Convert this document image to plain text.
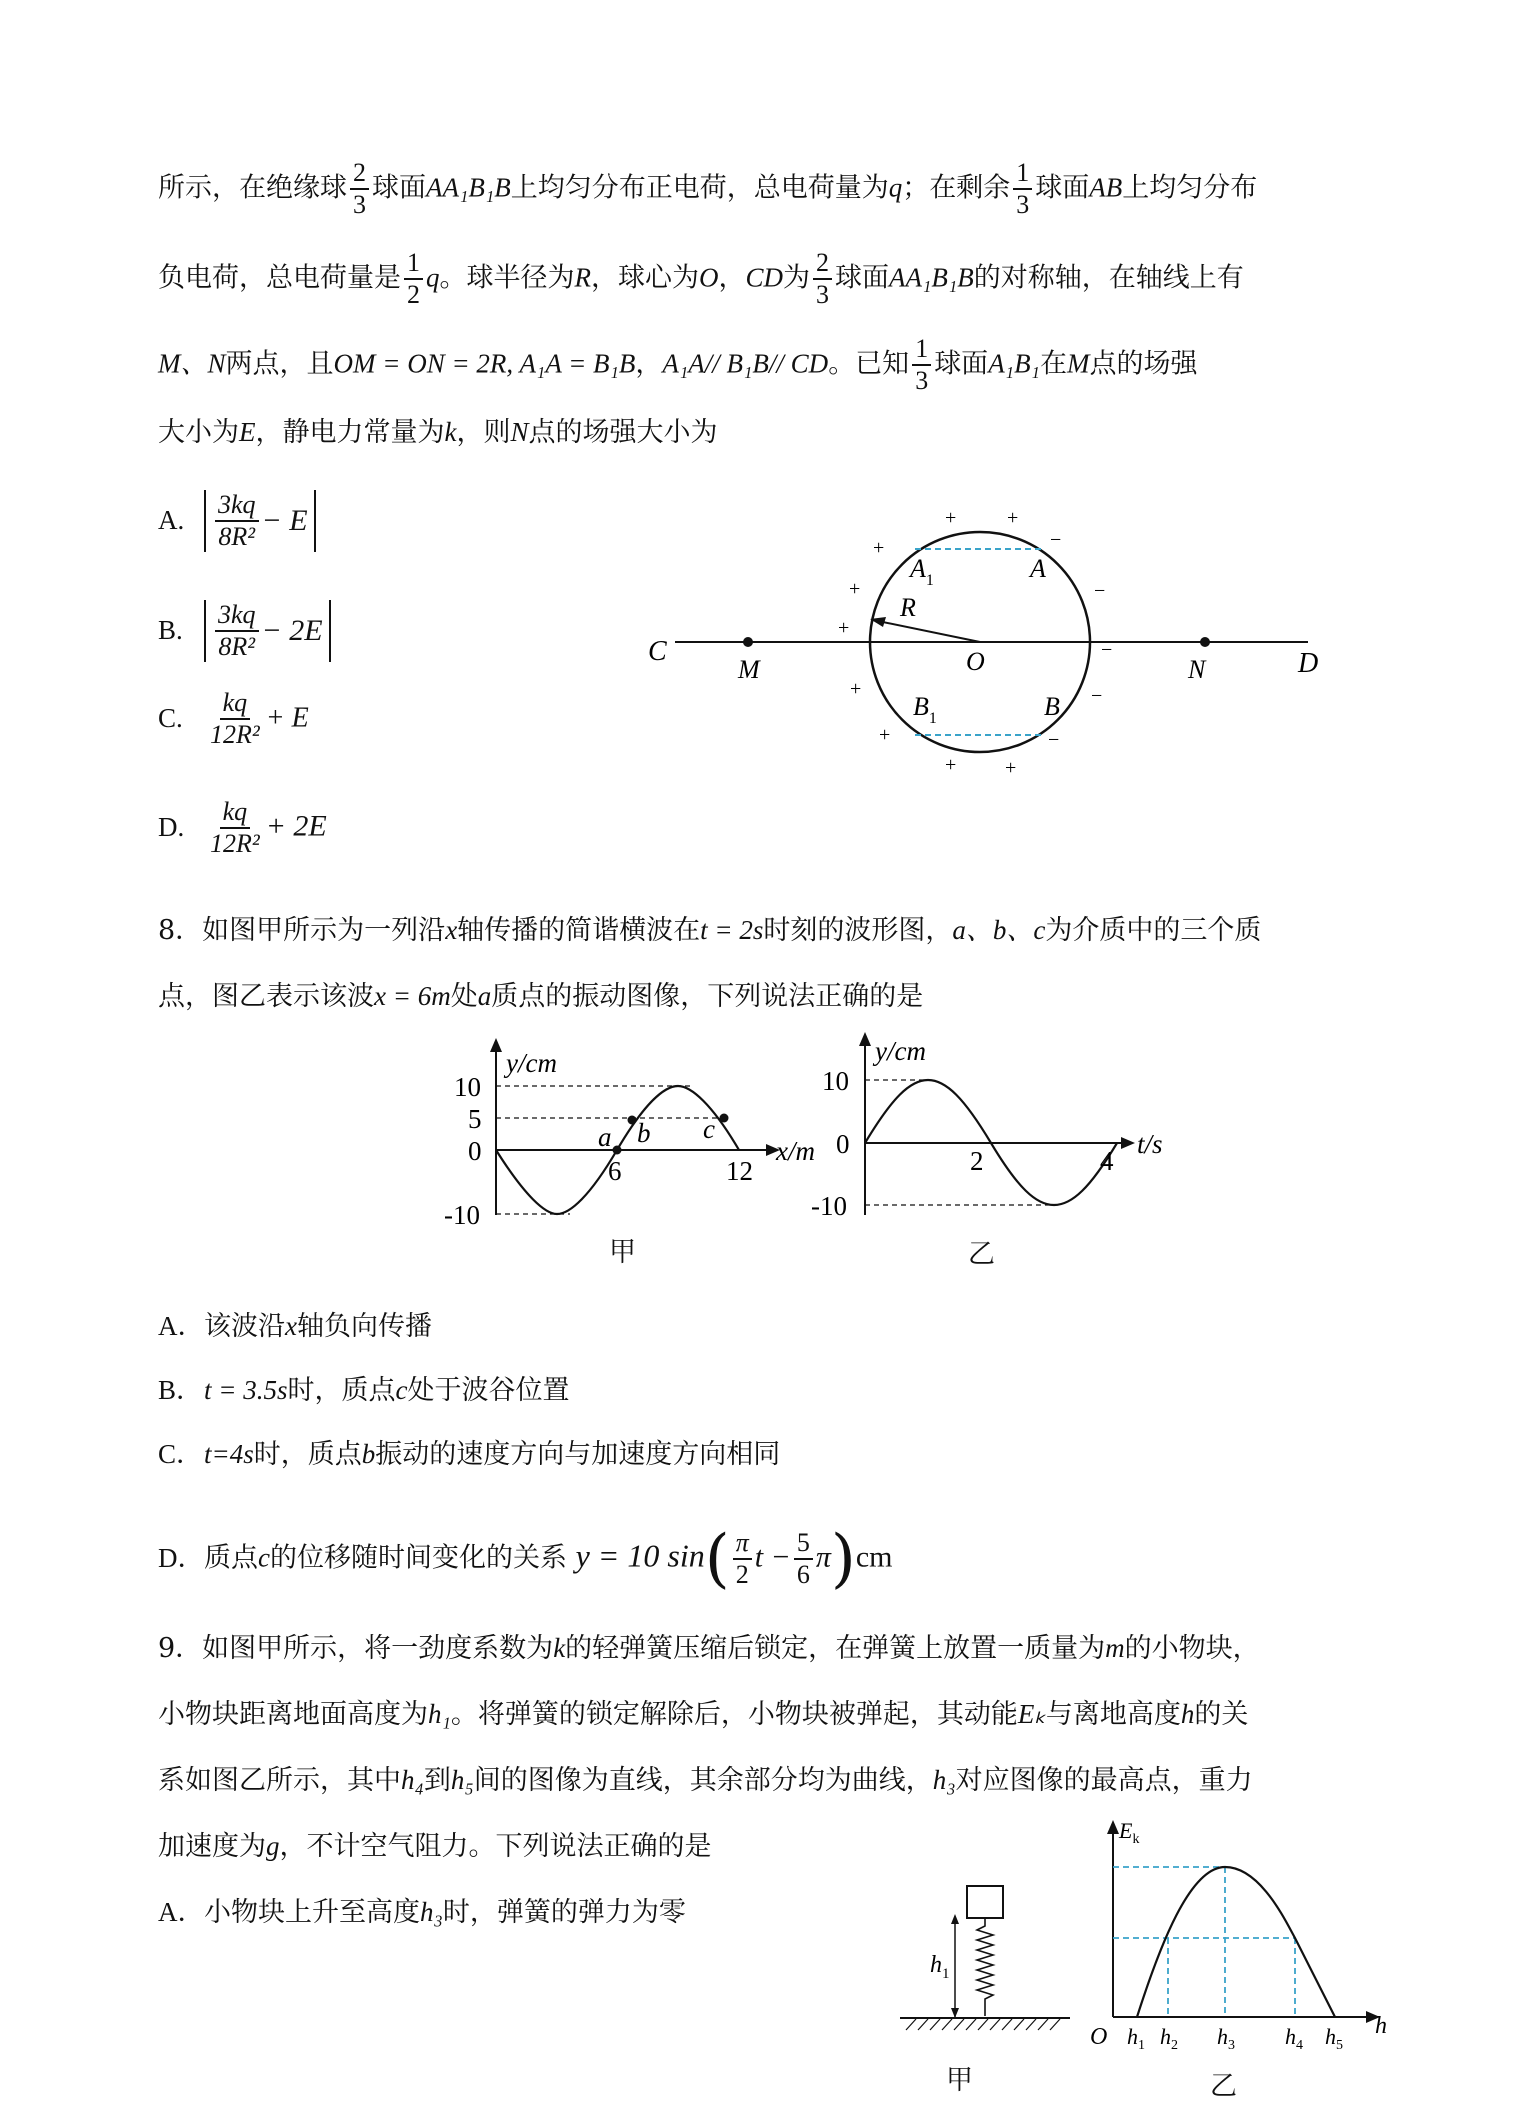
所示，在绝缘球 $\frac{2}{3}$ 球面AA₁B₁B上均匀分布正电荷，总电荷量为q；在剩余 $\frac{1}{3}$ 球面AB上均匀分布
负电荷，总电荷量是 $\frac{1}{2}$ q。球半径为R，球心为O，CD为 $\frac{2}{3}$ 球面AA₁B₁B的对称轴，在轴线上有
M、N两点，且OM = ON = 2R, A₁A = B₁B，A₁A// B₁B// CD。已知 $\frac{1}{3}$ 球面A₁B₁在M点的场强
大小为E，静电力常量为k，则N点的场强大小为
A. $\frac{3kq}{\text{8R²}} - E$
B. $\frac{3kq}{\text{8R²}} - 2E$
C. $\frac{kq}{\text{12R²}} + E$
D. $\frac{kq}{\text{12R²}} + 2E$
C	D
M	N
O
R
$A_1$	A
$B_1$	B
+	+
+
+
+
+
+
+ +
−
−
−
−
−
8．如图甲所示为一列沿x轴传播的简谐横波在t = 2s时刻的波形图，a、b、c为介质中的三个质
点，图乙表示该波x = 6m处a质点的振动图像，下列说法正确的是
y/cm
x/m
10
5
0
-10
6	12
a b c
甲
y/cm
t/s
10
0
-10
2	4
乙
A．该波沿x轴负向传播
B．t = 3.5s时，质点c处于波谷位置
C．t=4s时，质点b振动的速度方向与加速度方向相同
D．质点c的位移随时间变化的关系 y = 10 $\sin( \frac{\pi}{2}$ $t - \frac{5}{6} \pi)cm$
9．如图甲所示，将一劲度系数为k的轻弹簧压缩后锁定，在弹簧上放置一质量为m的小物块，
小物块距离地面高度为h₁。将弹簧的锁定解除后，小物块被弹起，其动能Eₖ与离地高度h的关
系如图乙所示，其中h₄到h₅间的图像为直线，其余部分均为曲线，h₃对应图像的最高点，重力
加速度为g，不计空气阻力。下列说法正确的是
A．小物块上升至高度h₃时，弹簧的弹力为零
$h_1$
甲
$E_k$
O	h
$h_1$ $h_2$ $h_3$ $h_4$ $h_5$
乙
